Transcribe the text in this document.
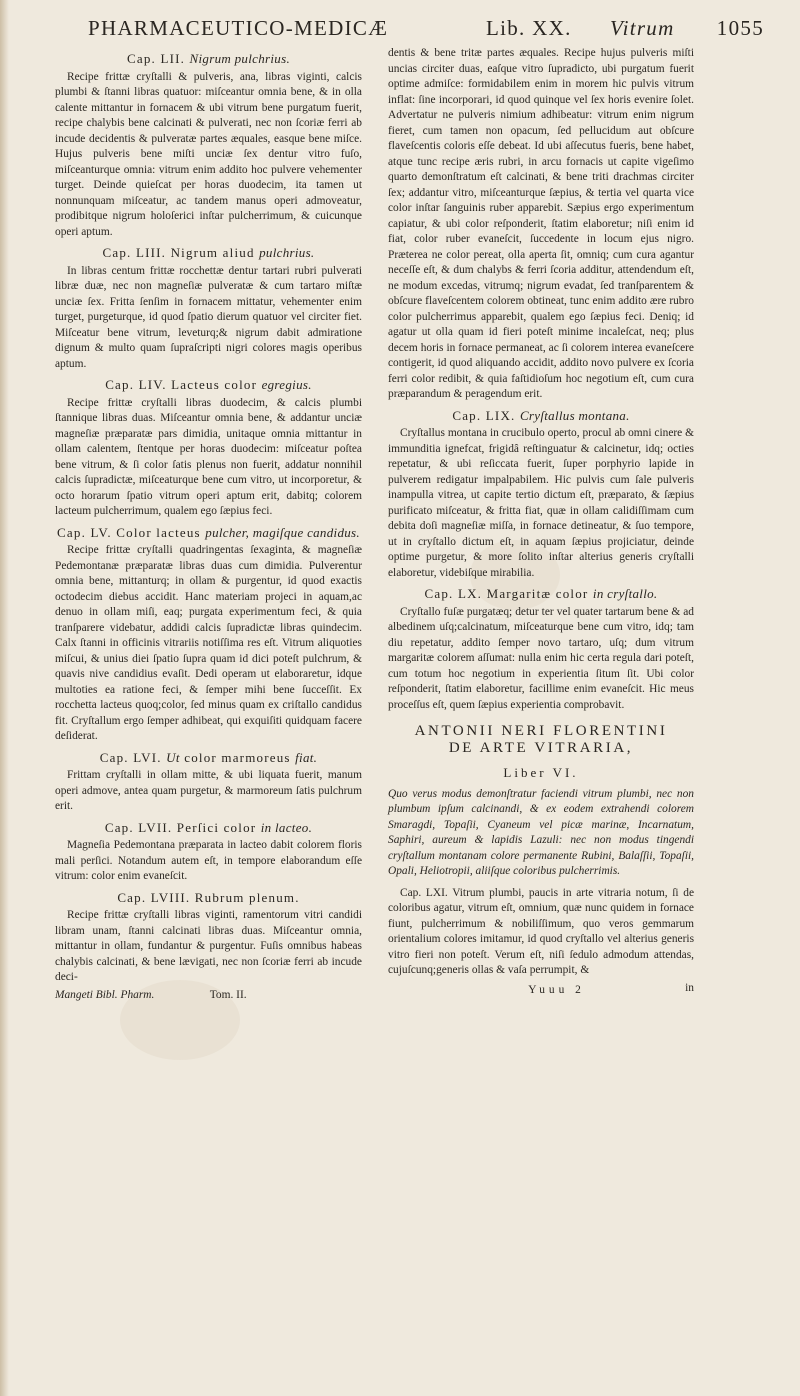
PHARMACEUTICO-MEDICÆ	Lib. XX. Vitrum 1055
Cap. LII. Nigrum pulchrius.

Recipe frittæ cryſtalli & pulveris, ana, libras viginti, calcis plumbi & ſtanni libras quatuor: miſceantur omnia bene, & in olla calente mittantur in fornacem & ubi vitrum bene purgatum fuerit, recipe chalybis bene calcinati & pulverati, nec non ſcoriæ ferri ab incude decidentis & pulveratæ partes æquales, easque bene miſce. Hujus pulveris bene miſti unciæ ſex dentur vitro fuſo, miſceanturque omnia: vitrum enim addito hoc pulvere vehementer turget. Deinde quieſcat per horas duodecim, ita tamen ut nonnunquam miſceatur, ac tandem manus operi admoveatur, prodibitque nigrum holoſerici inſtar pulcherrimum, & cuicunque operi aptum.

Cap. LIII. Nigrum aliud pulchrius.

In libras centum frittæ rocchettæ dentur tartari rubri pulverati libræ duæ, nec non magneſiæ pulveratæ & cum tartaro miſtæ unciæ ſex. Fritta ſenſim in fornacem mittatur, vehementer enim turget, purgeturque, id quod ſpatio dierum quatuor vel circiter fiet. Miſceatur bene vitrum, leveturq;& nigrum dabit admiratione dignum & multo quam ſupraſcripti nigri colores magis operibus aptum.

Cap. LIV. Lacteus color egregius.

Recipe frittæ cryſtalli libras duodecim, & calcis plumbi ſtannique libras duas. Miſceantur omnia bene, & addantur unciæ magneſiæ præparatæ pars dimidia, unitaque omnia mittantur in ollam calentem, ſtentque per horas duodecim: miſceatur poſtea bene vitrum, & ſi color ſatis plenus non fuerit, addatur nonnihil calcis ſupradictæ, miſceaturque bene cum vitro, ut incorporetur, & octo horarum ſpatio vitrum operi aptum erit, dabitq; colorem lacteum pulcherrimum, qualem ego ſæpius feci.

Cap. LV. Color lacteus pulcher, magiſque candidus.

Recipe frittæ cryſtalli quadringentas ſexaginta, & magneſiæ Pedemontanæ præparatæ libras duas cum dimidia. Pulverentur omnia bene, mittanturq; in ollam & purgentur, id quod exactis octodecim diebus accidit. Hanc materiam projeci in aquam,ac denuo in ollam miſi, eaq; purgata experimentum feci, & quia tranſparere videbatur, addidi calcis ſupradictæ libras quindecim. Calx ſtanni in officinis vitrariis notiſſima res eſt. Vitrum aliquoties miſcui, & unius diei ſpatio ſupra quam id dici poteſt pulchrum, & quavis nive candidius evaſit. Dedi operam ut elaboraretur, idque multoties ea ratione feci, & ſemper mihi bene ſucceſſit. Ex rocchetta lacteus quoq;color, ſed minus quam ex criſtallo candidus fit. Cryſtallum ergo ſemper adhibeat, qui exquiſiti quidquam facere deſiderat.

Cap. LVI. Ut color marmoreus fiat.

Frittam cryſtalli in ollam mitte, & ubi liquata fuerit, manum operi admove, antea quam purgetur, & marmoreum ſatis pulchrum erit.

Cap. LVII. Perſici color in lacteo.

Magneſia Pedemontana præparata in lacteo dabit colorem floris mali perſici. Notandum autem eſt, in tempore elaborandum eſſe vitrum: color enim evaneſcit.

Cap. LVIII. Rubrum plenum.

Recipe frittæ cryſtalli libras viginti, ramentorum vitri candidi libram unam, ſtanni calcinati libras duas. Miſceantur omnia, mittantur in ollam, fundantur & purgentur. Fuſis omnibus habeas chalybis calcinati, & bene lævigati, nec non ſcoriæ ferri ab incude deci-

Mangeti Bibl. Pharm.	Tom. II.

dentis & bene tritæ partes æquales. Recipe hujus pulveris miſti uncias circiter duas, eaſque vitro ſupradicto, ubi purgatum fuerit optime admiſce: formidabilem enim in morem hic pulvis vitrum inflat: ſine incorporari, id quod quinque vel ſex horis evenire ſolet. Advertatur ne pulveris nimium adhibeatur: vitrum enim nigrum fieret, cum tamen non opacum, ſed pellucidum aut obſcure flaveſcentis coloris eſſe debeat. Id ubi aſſecutus fueris, bene habet, atque tunc recipe æris rubri, in arcu fornacis ut capite vigeſimo quarto demonſtratum eſt calcinati, & bene triti drachmas circiter ſex; addantur vitro, miſceanturque ſæpius, & tertia vel quarta vice color inſtar ſanguinis ruber apparebit. Sæpius ergo experimentum capiatur, & ubi color reſponderit, ſtatim elaboretur; niſi enim id fiat, color ruber evaneſcit, ſuccedente in locum ejus nigro. Præterea ne color pereat, olla aperta ſit, omniq; cum cura agantur neceſſe eſt, & dum chalybs & ferri ſcoria additur, attendendum eſt, ne modum excedas, vitrumq; nigrum evadat, ſed tranſparentem & obſcure flaveſcentem colorem obtineat, tunc enim addito ære rubro color pulcherrimus apparebit, qualem ego ſæpius feci. Deniq; id agatur ut olla quam id fieri poteſt minime incaleſcat, neq; plus decem horis in fornace permaneat, ac ſi colorem interea evaneſcere contigerit, id quod aliquando accidit, addito novo pulvere ex ſcoria ferri color redibit, & quia faſtidioſum hoc negotium eſt, cum cura præparandum & peragendum erit.

Cap. LIX. Cryſtallus montana.

Cryſtallus montana in crucibulo operto, procul ab omni cinere & immunditia ignefcat, frigidâ reſtinguatur & calcinetur, idq; octies repetatur, & ubi reſiccata fuerit, ſuper porphyrio lapide in pulverem redigatur impalpabilem. Hic pulvis cum ſale pulveris inampulla vitrea, ut capite tertio dictum eſt, præparato, & ſæpius purificato miſceatur, & fritta fiat, quæ in ollam calidiſſimam cum debita doſi magneſiæ miſſa, in fornace detineatur, & ſuo tempore, ut in cryſtallo dictum eſt, in aquam ſæpius projiciatur, deinde optime purgetur, & more ſolito inſtar alterius generis cryſtalli elaboretur, videbiſque mirabilia.

Cap. LX. Margaritæ color in cryſtallo.

Cryſtallo fuſæ purgatæq; detur ter vel quater tartarum bene & ad albedinem uſq;calcinatum, miſceaturque bene cum vitro, idq; tam diu repetatur, addito ſemper novo tartaro, uſq; dum vitrum margaritæ colorem aſſumat: nulla enim hic certa regula dari poteſt, cum totum hoc negotium in experientia ſitum ſit. Ubi color reſponderit, ſtatim elaboretur, facillime enim evaneſcit. Hic meus proceſſus eſt, quem ſæpius experientia comprobavit.

ANTONII NERI FLORENTINI
DE ARTE VITRARIA,
Liber VI.

Quo verus modus demonſtratur faciendi vitrum plumbi, nec non plumbum ipſum calcinandi, & ex eodem extrahendi colorem Smaragdi, Topaſii, Cyaneum vel picæ marinæ, Incarnatum, Saphiri, aureum & lapidis Lazuli: nec non modus tingendi cryſtallum montanam colore permanente Rubini, Balaſſii, Topaſii, Opali, Heliotropii, aliiſque coloribus pulcherrimis.

Cap. LXI. Vitrum plumbi, paucis in arte vitraria notum, ſi de coloribus agatur, vitrum eſt, omnium, quæ nunc quidem in fornace fiunt, pulcherrimum & nobiliſſimum, quo veros gemmarum orientalium colores imitamur, id quod cryſtallo vel alterius generis vitro fieri non poteſt. Verum eſt, niſi ſedulo admodum attendas, cujuſcunq;generis ollas & vaſa perrumpit, &

Yuuu 2	in
